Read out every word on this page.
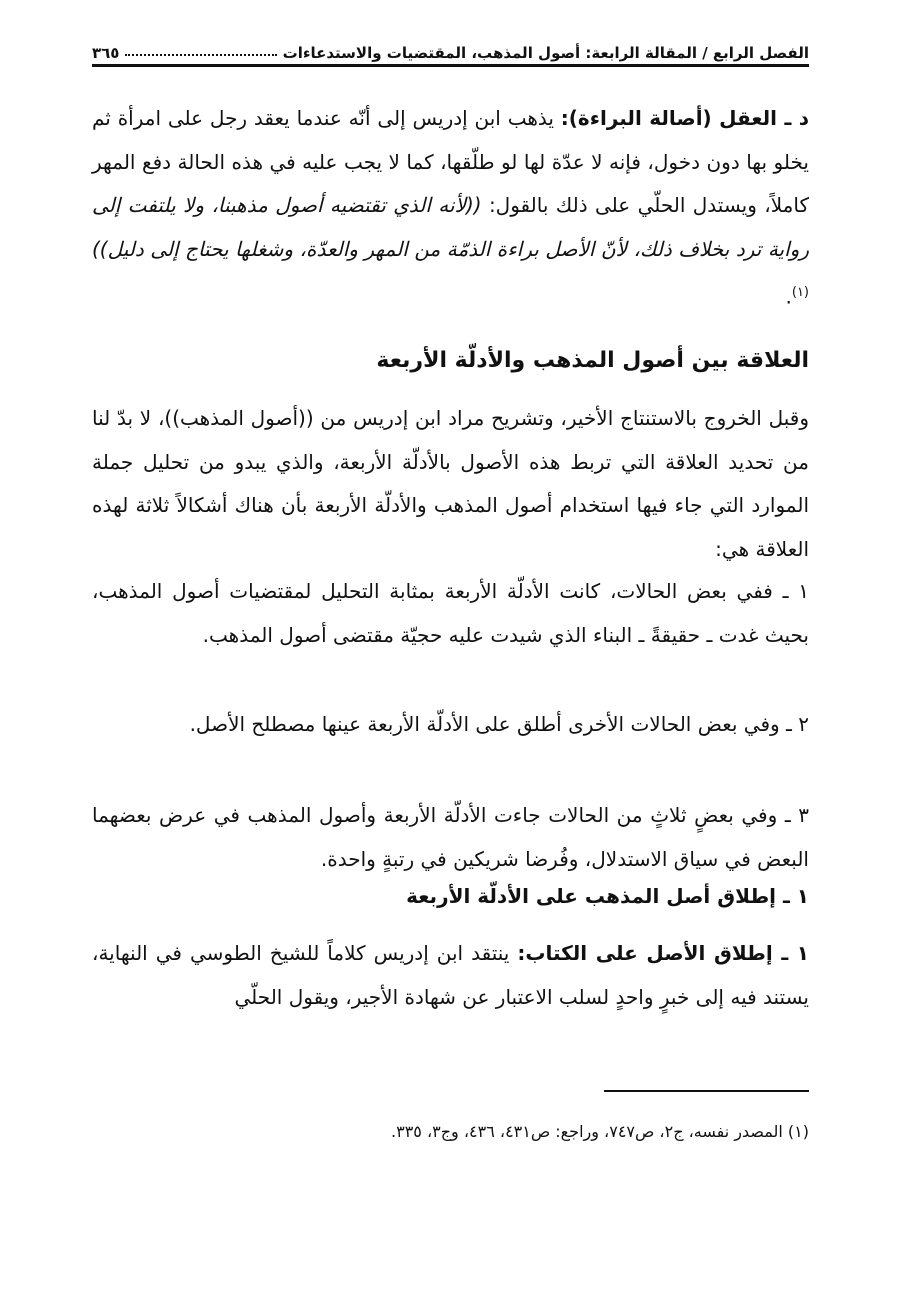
الفصل الرابع / المقالة الرابعة: أصول المذهب، المقتضيات والاستدعاءات
٣٦٥
د ـ العقل (أصالة البراءة): يذهب ابن إدريس إلى أنّه عندما يعقد رجل على امرأة ثم يخلو بها دون دخول، فإنه لا عدّة لها لو طلّقها، كما لا يجب عليه في هذه الحالة دفع المهر كاملاً، ويستدل الحلّي على ذلك بالقول: ((لأنه الذي تقتضيه أصول مذهبنا، ولا يلتفت إلى رواية ترد بخلاف ذلك، لأنّ الأصل براءة الذمّة من المهر والعدّة، وشغلها يحتاج إلى دليل))$^{(١)}$.
العلاقة بين أصول المذهب والأدلّة الأربعة
وقبل الخروج بالاستنتاج الأخير، وتشريح مراد ابن إدريس من ((أصول المذهب))، لا بدّ لنا من تحديد العلاقة التي تربط هذه الأصول بالأدلّة الأربعة، والذي يبدو من تحليل جملة الموارد التي جاء فيها استخدام أصول المذهب والأدلّة الأربعة بأن هناك أشكالاً ثلاثة لهذه العلاقة هي:
١ ـ ففي بعض الحالات، كانت الأدلّة الأربعة بمثابة التحليل لمقتضيات أصول المذهب، بحيث غدت ـ حقيقةً ـ البناء الذي شيدت عليه حجيّة مقتضى أصول المذهب.
٢ ـ وفي بعض الحالات الأخرى أطلق على الأدلّة الأربعة عينها مصطلح الأصل.
٣ ـ وفي بعضٍ ثلاثٍ من الحالات جاءت الأدلّة الأربعة وأصول المذهب في عرض بعضهما البعض في سياق الاستدلال، وفُرضا شريكين في رتبةٍ واحدة.
١ ـ إطلاق أصل المذهب على الأدلّة الأربعة
١ ـ إطلاق الأصل على الكتاب: ينتقد ابن إدريس كلاماً للشيخ الطوسي في النهاية، يستند فيه إلى خبرٍ واحدٍ لسلب الاعتبار عن شهادة الأجير، ويقول الحلّي
(١) المصدر نفسه، ج٢، ص٧٤٧، وراجع: ص٤٣١، ٤٣٦، وج٣، ٣٣٥.
